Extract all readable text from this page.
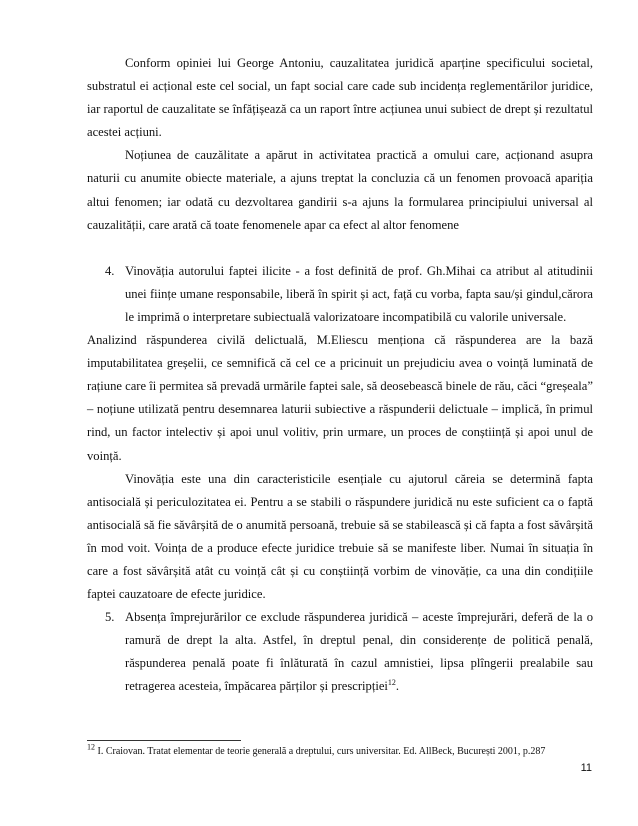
Conform opiniei lui George Antoniu, cauzalitatea juridică aparține specificului societal, substratul ei acțional este cel social, un fapt social care cade sub incidența reglementărilor juridice, iar raportul de cauzalitate se înfățișează ca un raport între acțiunea unui subiect de drept și rezultatul acestei acțiuni.

Noțiunea de cauzălitate a apărut in activitatea practică a omului care, acționand asupra naturii cu anumite obiecte materiale, a ajuns treptat la concluzia că un fenomen provoacă apariția altui fenomen; iar odată cu dezvoltarea gandirii s-a ajuns la formularea principiului universal al cauzalității, care arată că toate fenomenele apar ca efect al altor fenomene

4. Vinovăția autorului faptei ilicite - a fost definită de prof. Gh.Mihai ca atribut al atitudinii unei ființe umane responsabile, liberă în spirit și act, față cu vorba, fapta sau/și gindul,cărora le imprimă o interpretare subiectuală valorizatoare incompatibilă cu valorile universale.

Analizind răspunderea civilă delictuală, M.Eliescu menționa că răspunderea are la bază imputabilitatea greșelii, ce semnifică că cel ce a pricinuit un prejudiciu avea o voință luminată de rațiune care îi permitea să prevadă urmările faptei sale, să deosebească binele de rău, căci “greșeala” – noțiune utilizată pentru desemnarea laturii subiective a răspunderii delictuale – implică, în primul rind, un factor intelectiv și apoi unul volitiv, prin urmare, un proces de conștiință și apoi unul de voință.

Vinovăția este una din caracteristicile esențiale cu ajutorul căreia se determină fapta antisocială și periculozitatea ei. Pentru a se stabili o răspundere juridică nu este suficient ca o faptă antisocială să fie săvârșită de o anumită persoană, trebuie să se stabilească și că fapta a fost săvârșită în mod voit. Voința de a produce efecte juridice trebuie să se manifeste liber. Numai în situația în care a fost săvârșită atât cu voință cât și cu conștiință vorbim de vinovăție, ca una din condițiile faptei cauzatoare de efecte juridice.

5. Absența împrejurărilor ce exclude răspunderea juridică – aceste împrejurări, deferă de la o ramură de drept la alta. Astfel, în dreptul penal, din considerențe de politică penală, răspunderea penală poate fi înlăturată în cazul amnistiei, lipsa plîngerii prealabile sau retragerea acesteia, împăcarea părților și prescripției$^{12}$.

$^{12}$ I. Craiovan. Tratat elementar de teorie generală a dreptului, curs universitar. Ed. AllBeck, București 2001, p.287
11
